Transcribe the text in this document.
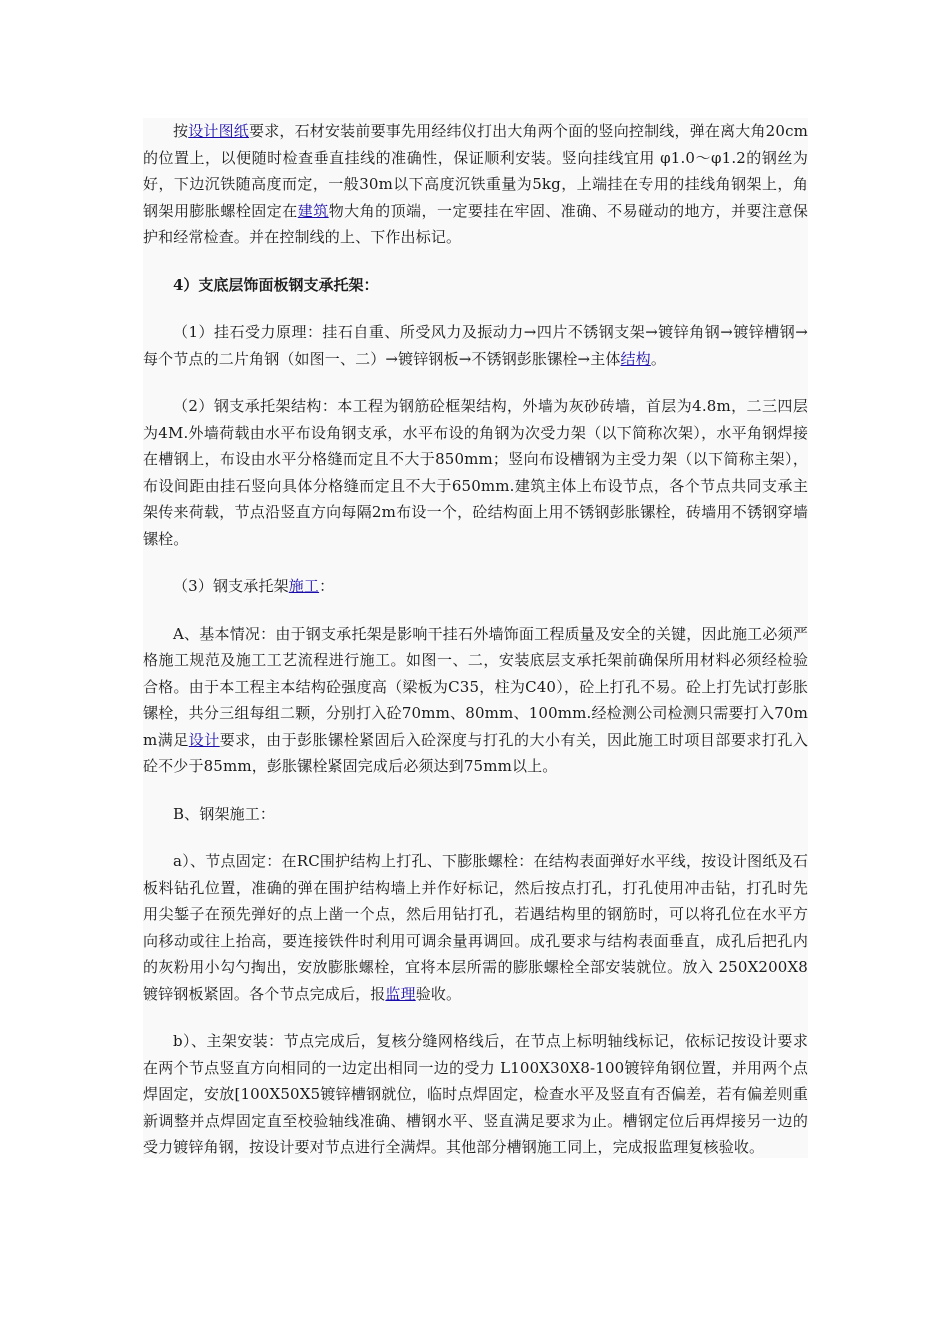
按设计图纸要求，石材安装前要事先用经纬仪打出大角两个面的竖向控制线，弹在离大角20cm的位置上，以便随时检查垂直挂线的准确性，保证顺利安装。竖向挂线宜用 φ1.0～φ1.2的钢丝为好，下边沉铁随高度而定，一般30m以下高度沉铁重量为5kg，上端挂在专用的挂线角钢架上，角钢架用膨胀螺栓固定在建筑物大角的顶端，一定要挂在牢固、准确、不易碰动的地方，并要注意保护和经常检查。并在控制线的上、下作出标记。

4）支底层饰面板钢支承托架：

（1）挂石受力原理：挂石自重、所受风力及振动力→四片不锈钢支架→镀锌角钢→镀锌槽钢→每个节点的二片角钢（如图一、二）→镀锌钢板→不锈钢彭胀镙栓→主体结构。

（2）钢支承托架结构：本工程为钢筋砼框架结构，外墙为灰砂砖墙，首层为4.8m，二三四层为4M.外墙荷载由水平布设角钢支承，水平布设的角钢为次受力架（以下简称次架），水平角钢焊接在槽钢上，布设由水平分格缝而定且不大于850mm；竖向布设槽钢为主受力架（以下简称主架），布设间距由挂石竖向具体分格缝而定且不大于650mm.建筑主体上布设节点，各个节点共同支承主架传来荷载，节点沿竖直方向每隔2m布设一个，砼结构面上用不锈钢彭胀镙栓，砖墙用不锈钢穿墙镙栓。

（3）钢支承托架施工：

A、基本情况：由于钢支承托架是影响干挂石外墙饰面工程质量及安全的关键，因此施工必须严格施工规范及施工工艺流程进行施工。如图一、二，安装底层支承托架前确保所用材料必须经检验合格。由于本工程主本结构砼强度高（梁板为C35，柱为C40），砼上打孔不易。砼上打先试打彭胀镙栓，共分三组每组二颗，分别打入砼70mm、80mm、100mm.经检测公司检测只需要打入70mm满足设计要求，由于彭胀镙栓紧固后入砼深度与打孔的大小有关，因此施工时项目部要求打孔入砼不少于85mm，彭胀镙栓紧固完成后必须达到75mm以上。

B、钢架施工：

a）、节点固定：在RC围护结构上打孔、下膨胀螺栓：在结构表面弹好水平线，按设计图纸及石板料钻孔位置，准确的弹在围护结构墙上并作好标记，然后按点打孔，打孔使用冲击钻，打孔时先用尖錾子在预先弹好的点上凿一个点，然后用钻打孔，若遇结构里的钢筋时，可以将孔位在水平方向移动或往上抬高，要连接铁件时利用可调余量再调回。成孔要求与结构表面垂直，成孔后把孔内的灰粉用小勾勺掏出，安放膨胀螺栓，宜将本层所需的膨胀螺栓全部安装就位。放入 250X200X8镀锌钢板紧固。各个节点完成后，报监理验收。

b）、主架安装：节点完成后，复核分缝网格线后，在节点上标明轴线标记，依标记按设计要求在两个节点竖直方向相同的一边定出相同一边的受力 L100X30X8-100镀锌角钢位置，并用两个点焊固定，安放[100X50X5镀锌槽钢就位，临时点焊固定，检查水平及竖直有否偏差，若有偏差则重新调整并点焊固定直至校验轴线准确、槽钢水平、竖直满足要求为止。槽钢定位后再焊接另一边的受力镀锌角钢，按设计要对节点进行全满焊。其他部分槽钢施工同上，完成报监理复核验收。
